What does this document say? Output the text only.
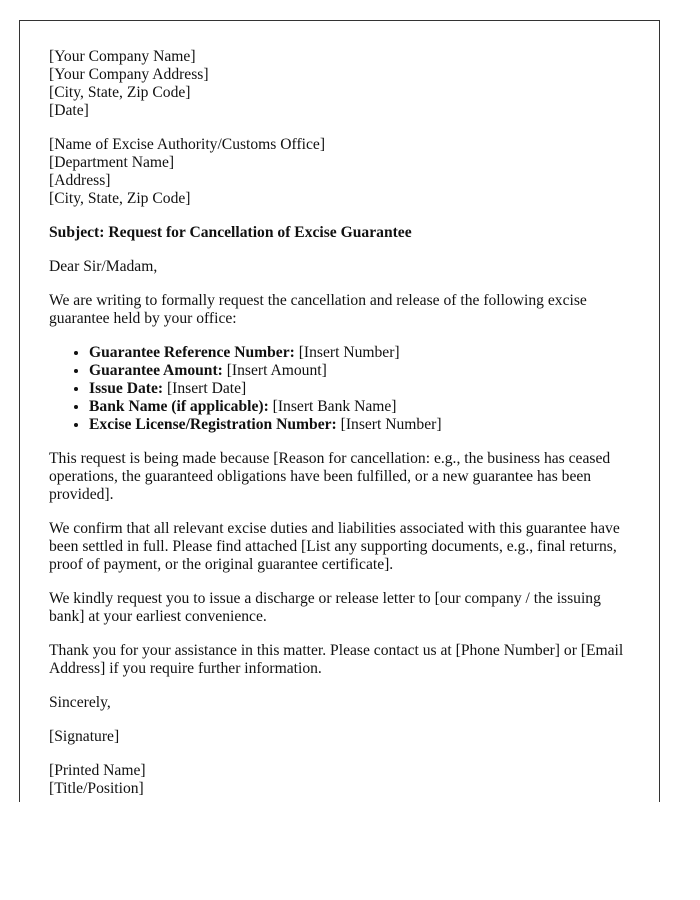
[Your Company Name]
[Your Company Address]
[City, State, Zip Code]
[Date]

[Name of Excise Authority/Customs Office]
[Department Name]
[Address]
[City, State, Zip Code]

Subject: Request for Cancellation of Excise Guarantee

Dear Sir/Madam,

We are writing to formally request the cancellation and release of the following excise guarantee held by your office:

• Guarantee Reference Number: [Insert Number]
• Guarantee Amount: [Insert Amount]
• Issue Date: [Insert Date]
• Bank Name (if applicable): [Insert Bank Name]
• Excise License/Registration Number: [Insert Number]

This request is being made because [Reason for cancellation: e.g., the business has ceased operations, the guaranteed obligations have been fulfilled, or a new guarantee has been provided].

We confirm that all relevant excise duties and liabilities associated with this guarantee have been settled in full. Please find attached [List any supporting documents, e.g., final returns, proof of payment, or the original guarantee certificate].

We kindly request you to issue a discharge or release letter to [our company / the issuing bank] at your earliest convenience.

Thank you for your assistance in this matter. Please contact us at [Phone Number] or [Email Address] if you require further information.

Sincerely,

[Signature]

[Printed Name]
[Title/Position]
